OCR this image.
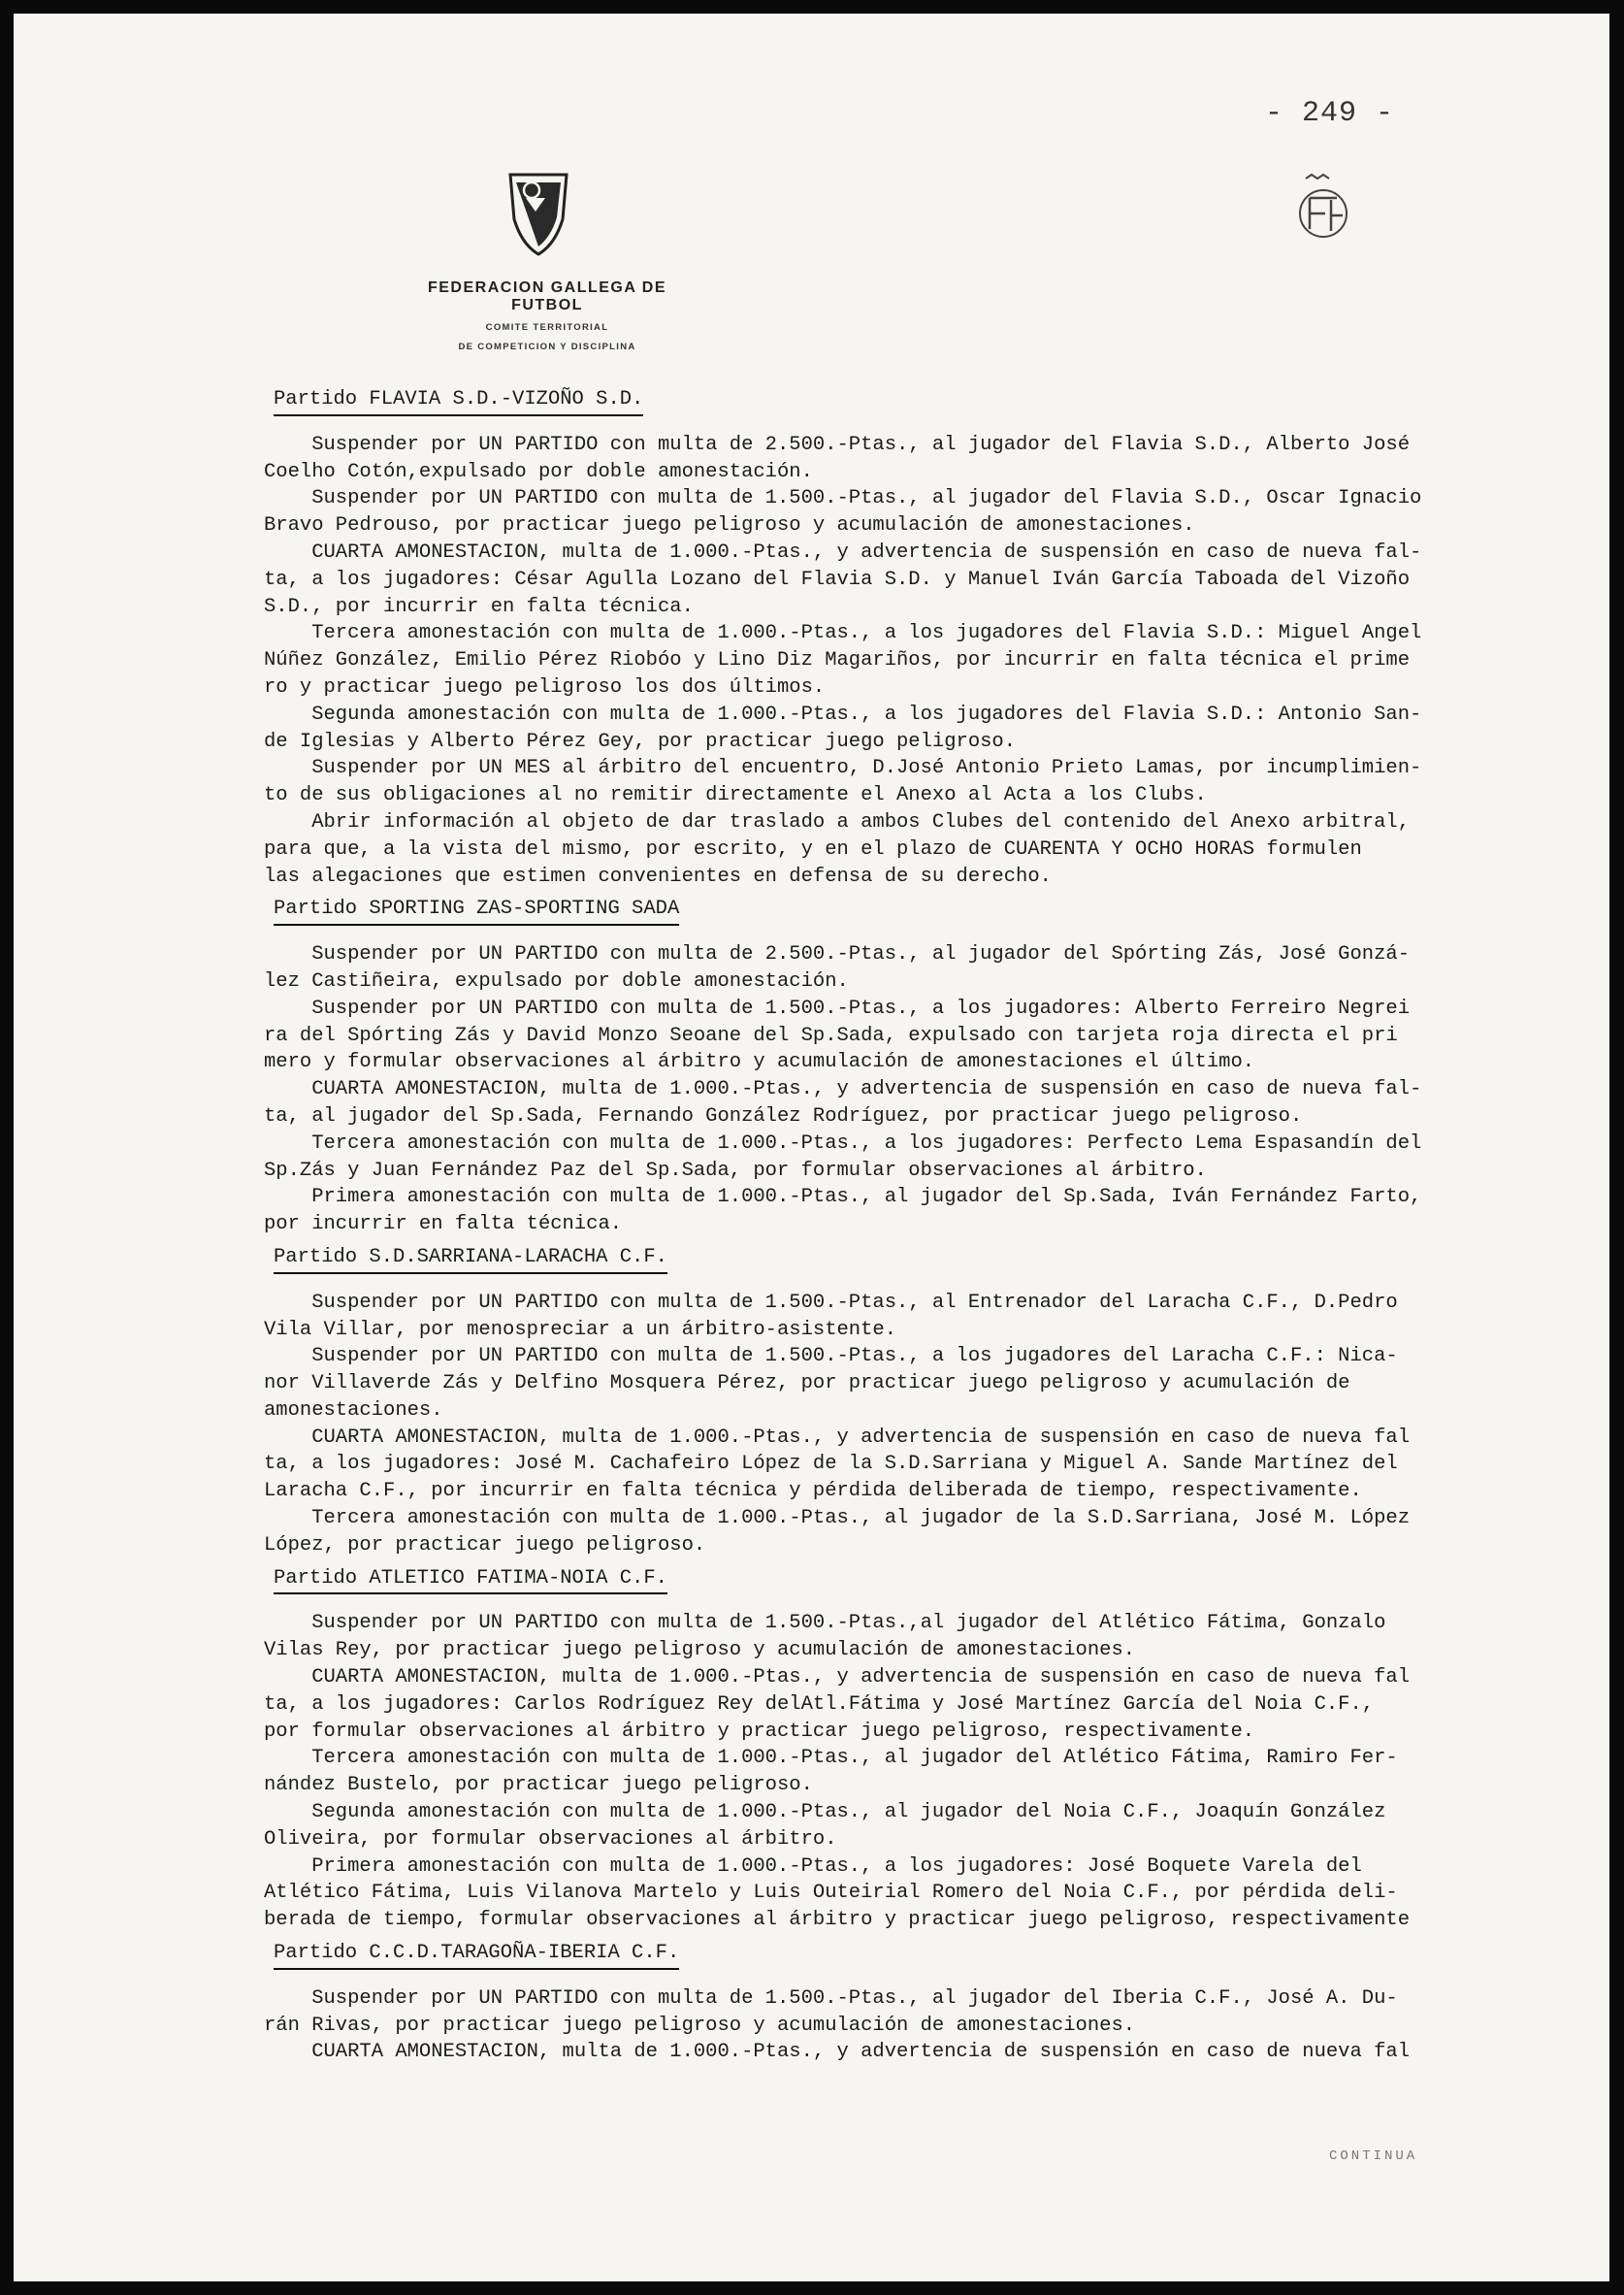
- 249 -
FEDERACION GALLEGA DE FUTBOL
COMITE TERRITORIAL
DE COMPETICION Y DISCIPLINA
Partido FLAVIA S.D.-VIZOÑO S.D.
Suspender por UN PARTIDO con multa de 2.500.-Ptas., al jugador del Flavia S.D., Alberto José
Coelho Cotón,expulsado por doble amonestación.
Suspender por UN PARTIDO con multa de 1.500.-Ptas., al jugador del Flavia S.D., Oscar Ignacio
Bravo Pedrouso, por practicar juego peligroso y acumulación de amonestaciones.
CUARTA AMONESTACION, multa de 1.000.-Ptas., y advertencia de suspensión en caso de nueva fal-
ta, a los jugadores: César Agulla Lozano del Flavia S.D. y Manuel Iván García Taboada del Vizoño
S.D., por incurrir en falta técnica.
Tercera amonestación con multa de 1.000.-Ptas., a los jugadores del Flavia S.D.: Miguel Angel
Núñez González, Emilio Pérez Riobóo y Lino Diz Magariños, por incurrir en falta técnica el prime
ro y practicar juego peligroso los dos últimos.
Segunda amonestación con multa de 1.000.-Ptas., a los jugadores del Flavia S.D.: Antonio San-
de Iglesias y Alberto Pérez Gey, por practicar juego peligroso.
Suspender por UN MES al árbitro del encuentro, D.José Antonio Prieto Lamas, por incumplimien-
to de sus obligaciones al no remitir directamente el Anexo al Acta a los Clubs.
Abrir información al objeto de dar traslado a ambos Clubes del contenido del Anexo arbitral,
para que, a la vista del mismo, por escrito, y en el plazo de CUARENTA Y OCHO HORAS formulen
las alegaciones que estimen convenientes en defensa de su derecho.
Partido SPORTING ZAS-SPORTING SADA
Suspender por UN PARTIDO con multa de 2.500.-Ptas., al jugador del Spórting Zás, José Gonzá-
lez Castiñeira, expulsado por doble amonestación.
Suspender por UN PARTIDO con multa de 1.500.-Ptas., a los jugadores: Alberto Ferreiro Negrei
ra del Spórting Zás y David Monzo Seoane del Sp.Sada, expulsado con tarjeta roja directa el pri
mero y formular observaciones al árbitro y acumulación de amonestaciones el último.
CUARTA AMONESTACION, multa de 1.000.-Ptas., y advertencia de suspensión en caso de nueva fal-
ta, al jugador del Sp.Sada, Fernando González Rodríguez, por practicar juego peligroso.
Tercera amonestación con multa de 1.000.-Ptas., a los jugadores: Perfecto Lema Espasandín del
Sp.Zás y Juan Fernández Paz del Sp.Sada, por formular observaciones al árbitro.
Primera amonestación con multa de 1.000.-Ptas., al jugador del Sp.Sada, Iván Fernández Farto,
por incurrir en falta técnica.
Partido S.D.SARRIANA-LARACHA C.F.
Suspender por UN PARTIDO con multa de 1.500.-Ptas., al Entrenador del Laracha C.F., D.Pedro
Vila Villar, por menospreciar a un árbitro-asistente.
Suspender por UN PARTIDO con multa de 1.500.-Ptas., a los jugadores del Laracha C.F.: Nica-
nor Villaverde Zás y Delfino Mosquera Pérez, por practicar juego peligroso y acumulación de
amonestaciones.
CUARTA AMONESTACION, multa de 1.000.-Ptas., y advertencia de suspensión en caso de nueva fal
ta, a los jugadores: José M. Cachafeiro López de la S.D.Sarriana y Miguel A. Sande Martínez del
Laracha C.F., por incurrir en falta técnica y pérdida deliberada de tiempo, respectivamente.
Tercera amonestación con multa de 1.000.-Ptas., al jugador de la S.D.Sarriana, José M. López
López, por practicar juego peligroso.
Partido ATLETICO FATIMA-NOIA C.F.
Suspender por UN PARTIDO con multa de 1.500.-Ptas.,al jugador del Atlético Fátima, Gonzalo
Vilas Rey, por practicar juego peligroso y acumulación de amonestaciones.
CUARTA AMONESTACION, multa de 1.000.-Ptas., y advertencia de suspensión en caso de nueva fal
ta, a los jugadores: Carlos Rodríguez Rey delAtl.Fátima y José Martínez García del Noia C.F.,
por formular observaciones al árbitro y practicar juego peligroso, respectivamente.
Tercera amonestación con multa de 1.000.-Ptas., al jugador del Atlético Fátima, Ramiro Fer-
nández Bustelo, por practicar juego peligroso.
Segunda amonestación con multa de 1.000.-Ptas., al jugador del Noia C.F., Joaquín González
Oliveira, por formular observaciones al árbitro.
Primera amonestación con multa de 1.000.-Ptas., a los jugadores: José Boquete Varela del
Atlético Fátima, Luis Vilanova Martelo y Luis Outeirial Romero del Noia C.F., por pérdida deli-
berada de tiempo, formular observaciones al árbitro y practicar juego peligroso, respectivamente
Partido C.C.D.TARAGOÑA-IBERIA C.F.
Suspender por UN PARTIDO con multa de 1.500.-Ptas., al jugador del Iberia C.F., José A. Du-
rán Rivas, por practicar juego peligroso y acumulación de amonestaciones.
CUARTA AMONESTACION, multa de 1.000.-Ptas., y advertencia de suspensión en caso de nueva fal
CONTINUA
